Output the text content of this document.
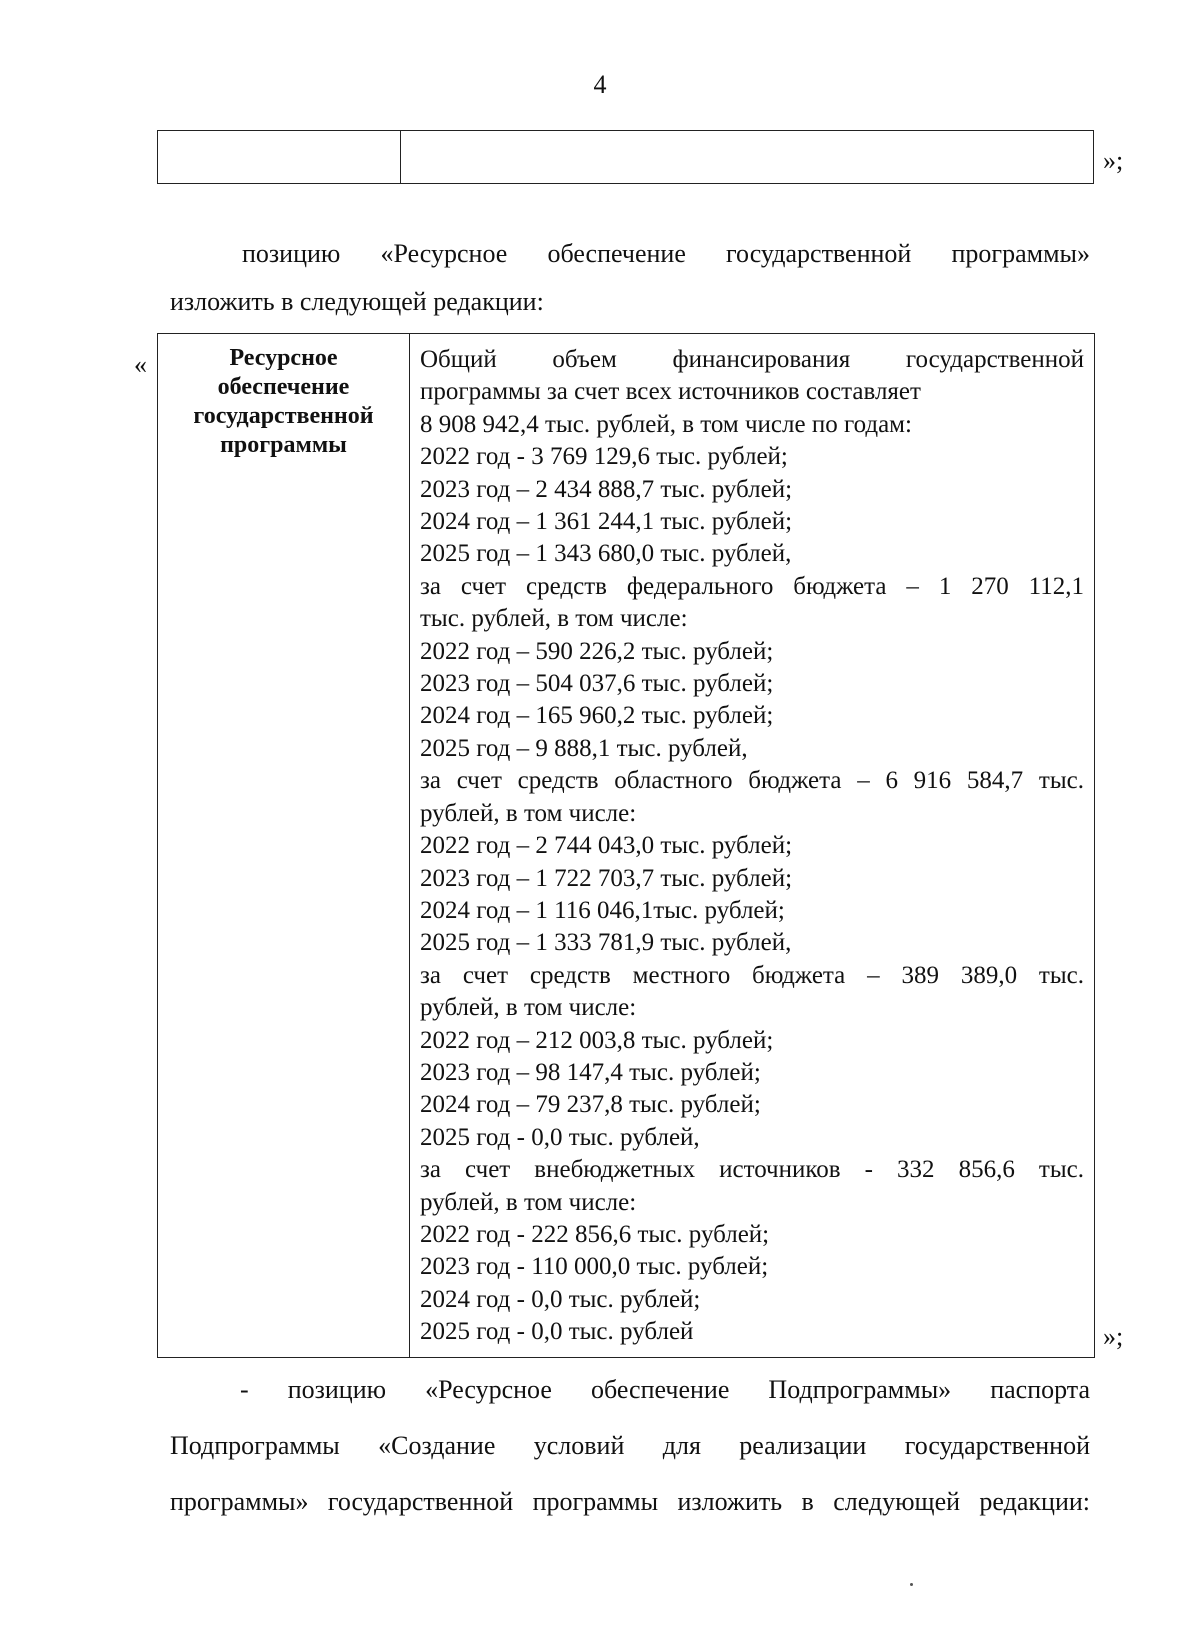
4
»;
позицию «Ресурсное обеспечение государственной программы»
изложить в следующей редакции:
«	Ресурсное
обеспечение
государственной
программы
Общий объем финансирования государственной
программы за счет всех источников составляет
8 908 942,4 тыс. рублей, в том числе по годам:
2022 год - 3 769 129,6 тыс. рублей;
2023 год – 2 434 888,7 тыс. рублей;
2024 год – 1 361 244,1 тыс. рублей;
2025 год – 1 343 680,0 тыс. рублей,
за счет средств федерального бюджета – 1 270 112,1
тыс. рублей, в том числе:
2022 год – 590 226,2 тыс. рублей;
2023 год – 504 037,6 тыс. рублей;
2024 год – 165 960,2 тыс. рублей;
2025 год – 9 888,1 тыс. рублей,
за счет средств областного бюджета – 6 916 584,7 тыс.
рублей, в том числе:
2022 год – 2 744 043,0 тыс. рублей;
2023 год – 1 722 703,7 тыс. рублей;
2024 год – 1 116 046,1тыс. рублей;
2025 год – 1 333 781,9 тыс. рублей,
за счет средств местного бюджета – 389 389,0 тыс.
рублей, в том числе:
2022 год – 212 003,8 тыс. рублей;
2023 год – 98 147,4 тыс. рублей;
2024 год – 79 237,8 тыс. рублей;
2025 год - 0,0 тыс. рублей,
за счет внебюджетных источников - 332 856,6 тыс.
рублей, в том числе:
2022 год - 222 856,6 тыс. рублей;
2023 год - 110 000,0 тыс. рублей;
2024 год - 0,0 тыс. рублей;
2025 год - 0,0 тыс. рублей	»;
- позицию «Ресурсное обеспечение Подпрограммы» паспорта
Подпрограммы «Создание условий для реализации государственной
программы» государственной программы изложить в следующей редакции:
